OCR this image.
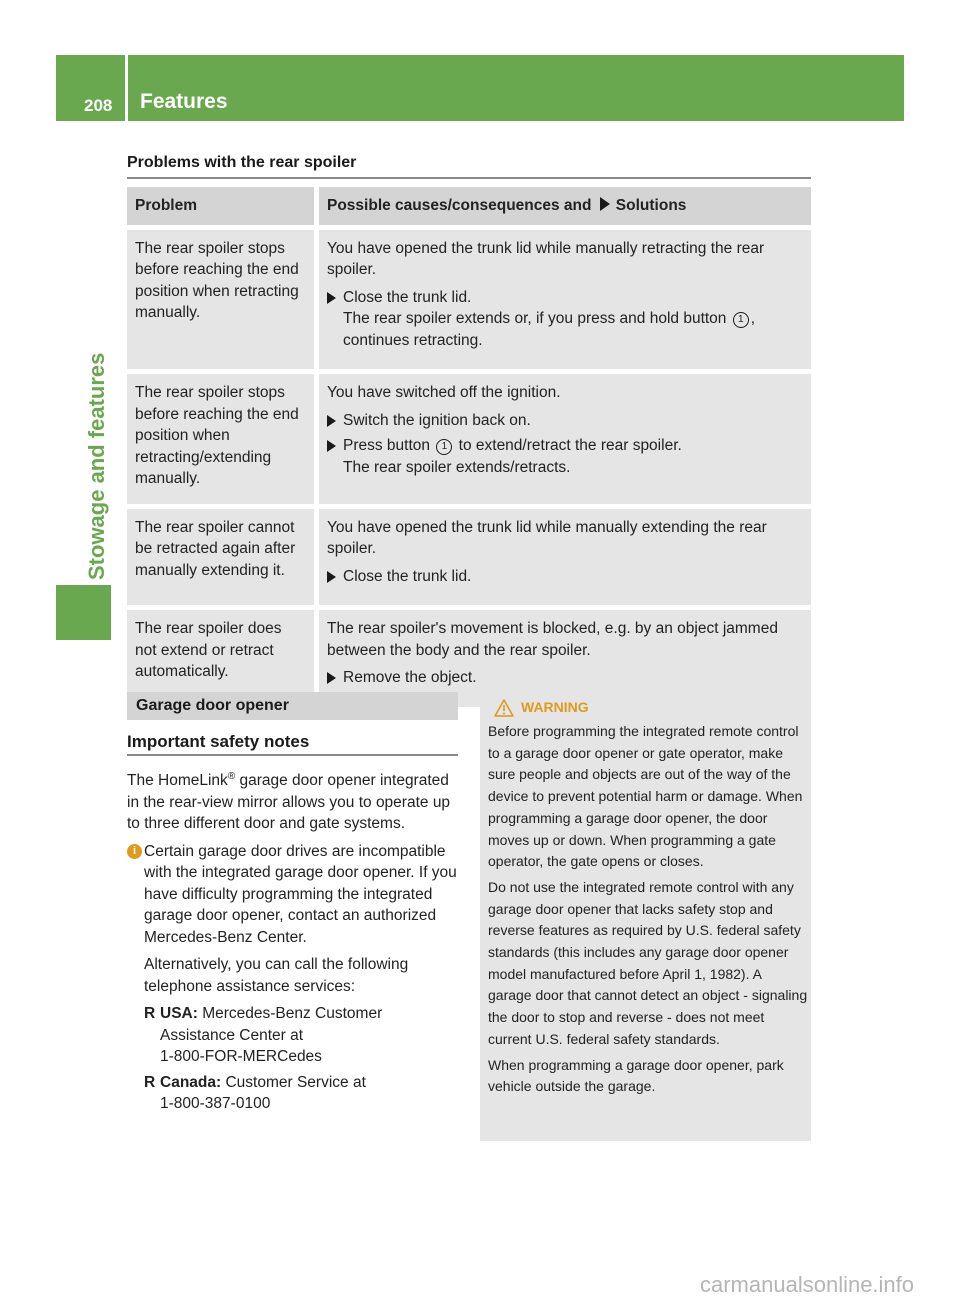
208 Features
Stowage and features
Problems with the rear spoiler
Problem	Possible causes/consequences and Solutions
The rear spoiler stops before reaching the end position when retracting manually.	You have opened the trunk lid while manually retracting the rear spoiler.

Close the trunk lid.
The rear spoiler extends or, if you press and hold button 1 , continues retracting.

The rear spoiler stops before reaching the end position when retracting/extending manually.	You have switched off the ignition.

Switch the ignition back on.
Press button 1 to extend/retract the rear spoiler.
The rear spoiler extends/retracts.

The rear spoiler cannot be retracted again after manually extending it.	You have opened the trunk lid while manually extending the rear spoiler.

Close the trunk lid.

The rear spoiler does not extend or retract automatically.	The rear spoiler's movement is blocked, e.g. by an object jammed between the body and the rear spoiler.

Remove the object.
Garage door opener
Important safety notes

The HomeLink® garage door opener integrated in the rear-view mirror allows you to operate up to three different door and gate systems.

i Certain garage door drives are incompatible with the integrated garage door opener. If you have difficulty programming the integrated garage door opener, contact an authorized Mercedes-Benz Center.

Alternatively, you can call the following telephone assistance services:

R USA: Mercedes-Benz Customer Assistance Center at
1-800-FOR-MERCedes
R Canada: Customer Service at
1-800-387-0100
WARNING

Before programming the integrated remote control to a garage door opener or gate operator, make sure people and objects are out of the way of the device to prevent potential harm or damage. When programming a garage door opener, the door moves up or down. When programming a gate operator, the gate opens or closes.

Do not use the integrated remote control with any garage door opener that lacks safety stop and reverse features as required by U.S. federal safety standards (this includes any garage door opener model manufactured before April 1, 1982). A garage door that cannot detect an object - signaling the door to stop and reverse - does not meet current U.S. federal safety standards.

When programming a garage door opener, park vehicle outside the garage.

carmanualsonline.info
